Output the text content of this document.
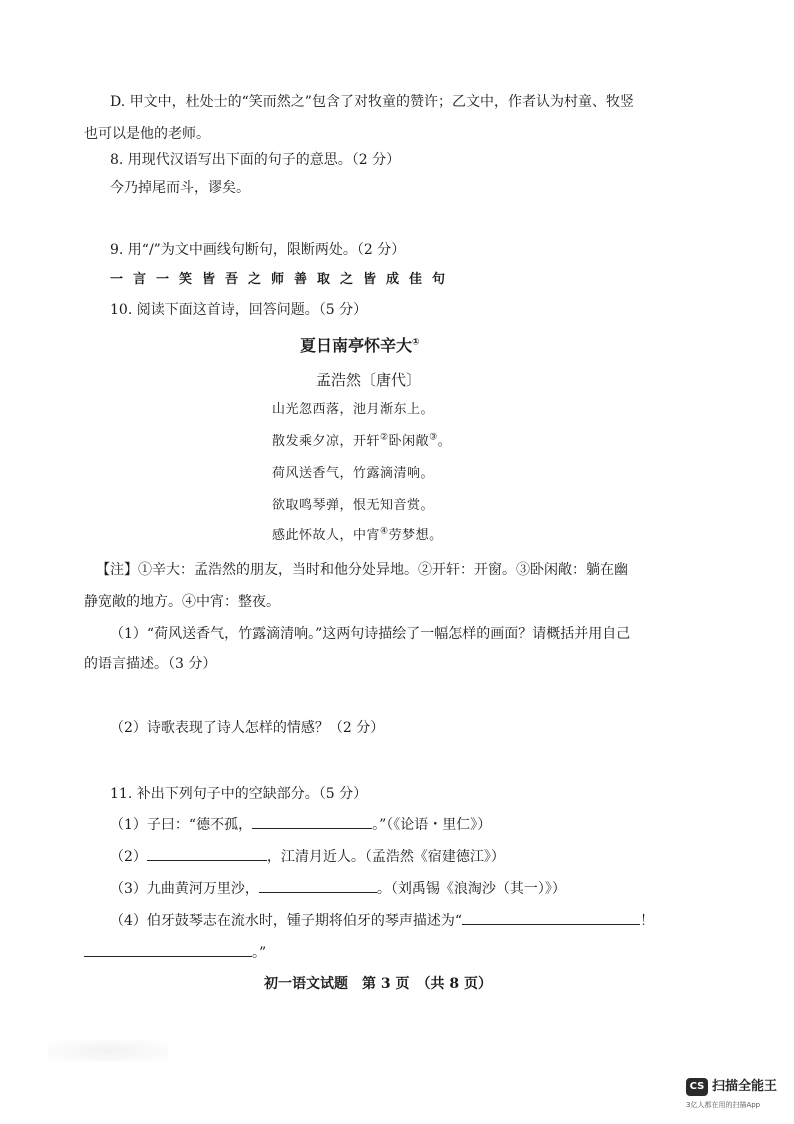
D. 甲文中，杜处士的“笑而然之”包含了对牧童的赞许；乙文中，作者认为村童、牧竖
也可以是他的老师。
8. 用现代汉语写出下面的句子的意思。（2 分）
今乃掉尾而斗，谬矣。
9. 用“/”为文中画线句断句，限断两处。（2 分）
一言一笑皆吾之师善取之皆成佳句
10. 阅读下面这首诗，回答问题。（5 分）
夏日南亭怀辛大①
孟浩然〔唐代〕
山光忽西落，池月渐东上。
散发乘夕凉，开轩②卧闲敞③。
荷风送香气，竹露滴清响。
欲取鸣琴弹，恨无知音赏。
感此怀故人，中宵④劳梦想。
【注】①辛大：孟浩然的朋友，当时和他分处异地。②开轩：开窗。③卧闲敞：躺在幽
静宽敞的地方。④中宵：整夜。
（1）“荷风送香气，竹露滴清响。”这两句诗描绘了一幅怎样的画面？请概括并用自己
的语言描述。（3 分）
（2）诗歌表现了诗人怎样的情感？（2 分）
11. 补出下列句子中的空缺部分。（5 分）
（1）子曰：“德不孤，	。”（《论语・里仁》）
（2）	，江清月近人。（孟浩然《宿建德江》）
（3）九曲黄河万里沙，	。（刘禹锡《浪淘沙（其一）》）
（4）伯牙鼓琴志在流水时，锺子期将伯牙的琴声描述为“	！
。”
初一语文试题　第 3 页　（共 8 页）
CS 扫描全能王
3亿人都在用的扫描App
